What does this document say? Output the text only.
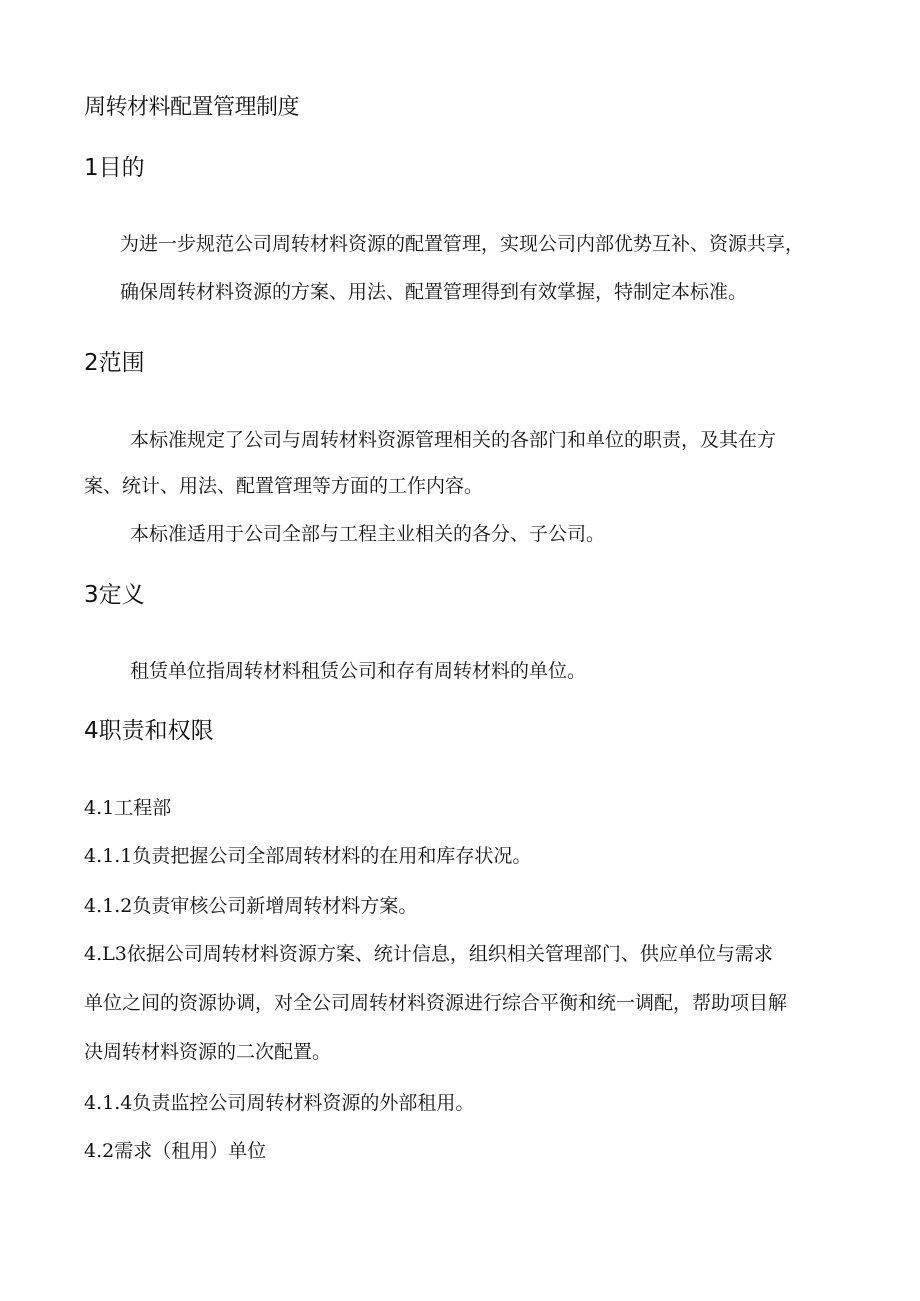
周转材料配置管理制度
1目的
为进一步规范公司周转材料资源的配置管理，实现公司内部优势互补、资源共享，
确保周转材料资源的方案、用法、配置管理得到有效掌握，特制定本标准。
2范围
本标准规定了公司与周转材料资源管理相关的各部门和单位的职责，及其在方
案、统计、用法、配置管理等方面的工作内容。
本标准适用于公司全部与工程主业相关的各分、子公司。
3定义
租赁单位指周转材料租赁公司和存有周转材料的单位。
4职责和权限
4.1工程部
4.1.1负责把握公司全部周转材料的在用和库存状况。
4.1.2负责审核公司新增周转材料方案。
4.L3依据公司周转材料资源方案、统计信息，组织相关管理部门、供应单位与需求
单位之间的资源协调，对全公司周转材料资源进行综合平衡和统一调配，帮助项目解
决周转材料资源的二次配置。
4.1.4负责监控公司周转材料资源的外部租用。
4.2需求（租用）单位
